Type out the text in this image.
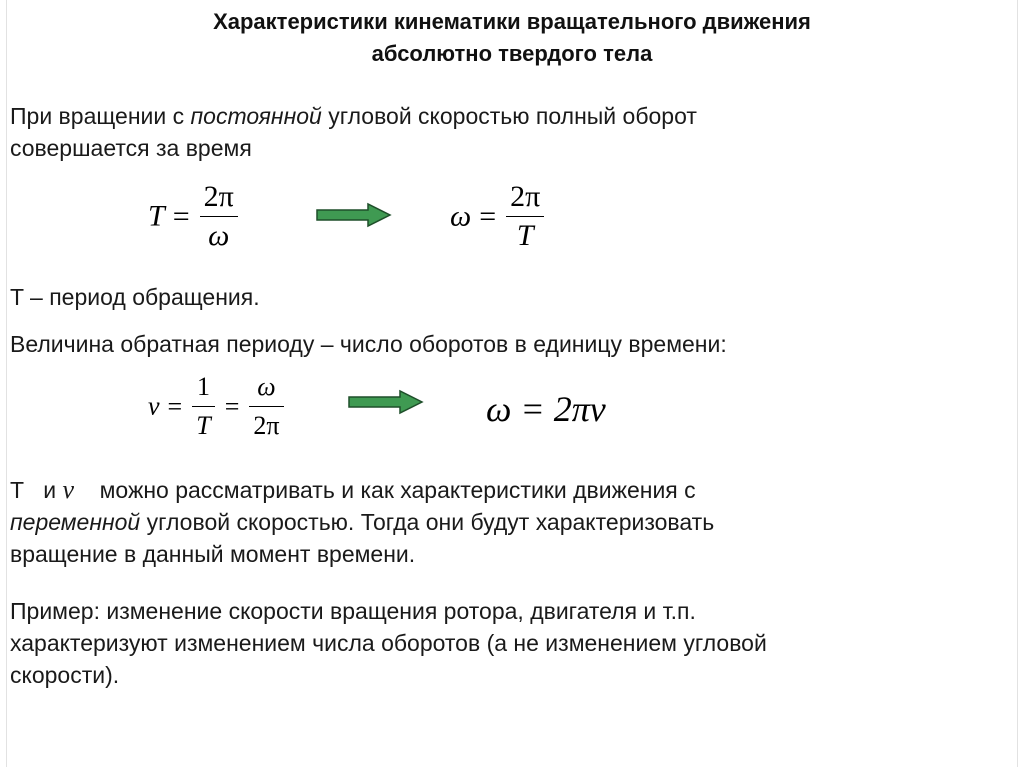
Характеристики кинематики вращательного движения
абсолютно твердого тела
При вращении с постоянной угловой скоростью полный оборот
совершается за время
$T = \frac{2\pi}{\omega}$	$\omega = \frac{2\pi}{T}$
T – период обращения.
Величина обратная периоду – число оборотов в единицу времени:
$\nu = \frac{1}{T} = \frac{\omega}{2\pi}$	ω = 2πν
T и ν можно рассматривать и как характеристики движения с
переменной угловой скоростью. Тогда они будут характеризовать
вращение в данный момент времени.
Пример: изменение скорости вращения ротора, двигателя и т.п.
характеризуют изменением числа оборотов (а не изменением угловой
скорости).
